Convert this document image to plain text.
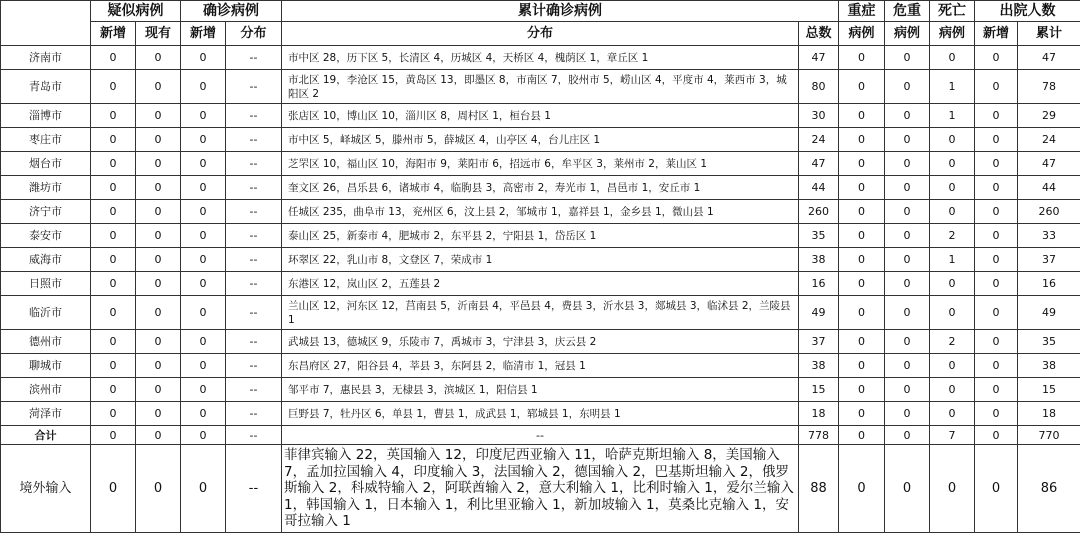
	疑似病例		确诊病例		累计确诊病例		重症	危重	死亡	出院人数	
	新增	现有	新增	分布	分布	总数	病例	病例	病例	新增	累计
济南市	0	0	0	--	市中区 28，历下区 5，长清区 4，历城区 4，天桥区 4，槐荫区 1，章丘区 1	47	0	0	0	0	47
青岛市	0	0	0	--	市北区 19，李沧区 15，黄岛区 13，即墨区 8，市南区 7，胶州市 5，崂山区 4，平度市 4，莱西市 3，城阳区 2	80	0	0	1	0	78
淄博市	0	0	0	--	张店区 10，博山区 10，淄川区 8，周村区 1，桓台县 1	30	0	0	1	0	29
枣庄市	0	0	0	--	市中区 5，峄城区 5，滕州市 5，薛城区 4，山亭区 4，台儿庄区 1	24	0	0	0	0	24
烟台市	0	0	0	--	芝罘区 10，福山区 10，海阳市 9，莱阳市 6，招远市 6，牟平区 3，莱州市 2，莱山区 1	47	0	0	0	0	47
潍坊市	0	0	0	--	奎文区 26，昌乐县 6，诸城市 4，临朐县 3，高密市 2，寿光市 1，昌邑市 1，安丘市 1	44	0	0	0	0	44
济宁市	0	0	0	--	任城区 235，曲阜市 13，兖州区 6，汶上县 2，邹城市 1，嘉祥县 1，金乡县 1，微山县 1	260	0	0	0	0	260
泰安市	0	0	0	--	泰山区 25，新泰市 4，肥城市 2，东平县 2，宁阳县 1，岱岳区 1	35	0	0	2	0	33
威海市	0	0	0	--	环翠区 22，乳山市 8，文登区 7，荣成市 1	38	0	0	1	0	37
日照市	0	0	0	--	东港区 12，岚山区 2，五莲县 2	16	0	0	0	0	16
临沂市	0	0	0	--	兰山区 12，河东区 12，莒南县 5，沂南县 4，平邑县 4，费县 3，沂水县 3，郯城县 3，临沭县 2，兰陵县 1	49	0	0	0	0	49
德州市	0	0	0	--	武城县 13，德城区 9，乐陵市 7，禹城市 3，宁津县 3，庆云县 2	37	0	0	2	0	35
聊城市	0	0	0	--	东昌府区 27，阳谷县 4，莘县 3，东阿县 2，临清市 1，冠县 1	38	0	0	0	0	38
滨州市	0	0	0	--	邹平市 7，惠民县 3，无棣县 3，滨城区 1，阳信县 1	15	0	0	0	0	15
菏泽市	0	0	0	--	巨野县 7，牡丹区 6，单县 1，曹县 1，成武县 1，郓城县 1，东明县 1	18	0	0	0	0	18
合计	0	0	0	--	--	778	0	0	7	0	770
境外输入	0	0	0	--	菲律宾输入 22，英国输入 12，印度尼西亚输入 11，哈萨克斯坦输入 8，美国输入 7，孟加拉国输入 4，印度输入 3，法国输入 2，德国输入 2，巴基斯坦输入 2，俄罗斯输入 2，科威特输入 2，阿联酋输入 2，意大利输入 1，比利时输入 1，爱尔兰输入 1，韩国输入 1，日本输入 1，利比里亚输入 1，新加坡输入 1，莫桑比克输入 1，安哥拉输入 1	88	0	0	0	0	86
